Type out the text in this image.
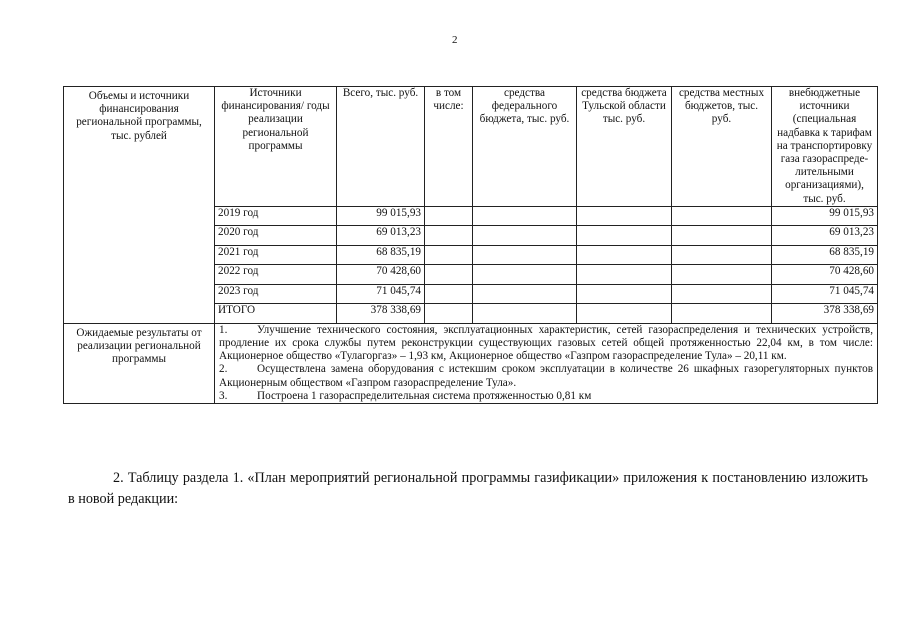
2
Объемы и источники финансирования региональной программы, тыс. рублей	Источники финансирования/ годы реализации региональной программы	Всего, тыс. руб.	в том числе:	средства федерального бюджета, тыс. руб.	средства бюджета Тульской области тыс. руб.	средства местных бюджетов, тыс. руб.	внебюджетные источники (специальная надбавка к тарифам на транспортировку газа газораспреде-лительными организациями), тыс. руб.
	2019 год	99 015,93					99 015,93
	2020 год	69 013,23					69 013,23
	2021 год	68 835,19					68 835,19
	2022 год	70 428,60					70 428,60
	2023 год	71 045,74					71 045,74
	ИТОГО	378 338,69					378 338,69
Ожидаемые результаты от реализации региональной программы	1. Улучшение технического состояния, эксплуатационных характеристик, сетей газораспределения и технических устройств, продление их срока службы путем реконструкции существующих газовых сетей общей протяженностью 22,04 км, в том числе: Акционерное общество «Тулагоргаз» – 1,93 км, Акционерное общество «Газпром газораспределение Тула» – 20,11 км.

2. Осуществлена замена оборудования с истекшим сроком эксплуатации в количестве 26 шкафных газорегуляторных пунктов Акционерным обществом «Газпром газораспределение Тула».

3. Построена 1 газораспределительная система протяженностью 0,81 км						

2. Таблицу раздела 1. «План мероприятий региональной программы газификации» приложения к постановлению изложить в новой редакции:
